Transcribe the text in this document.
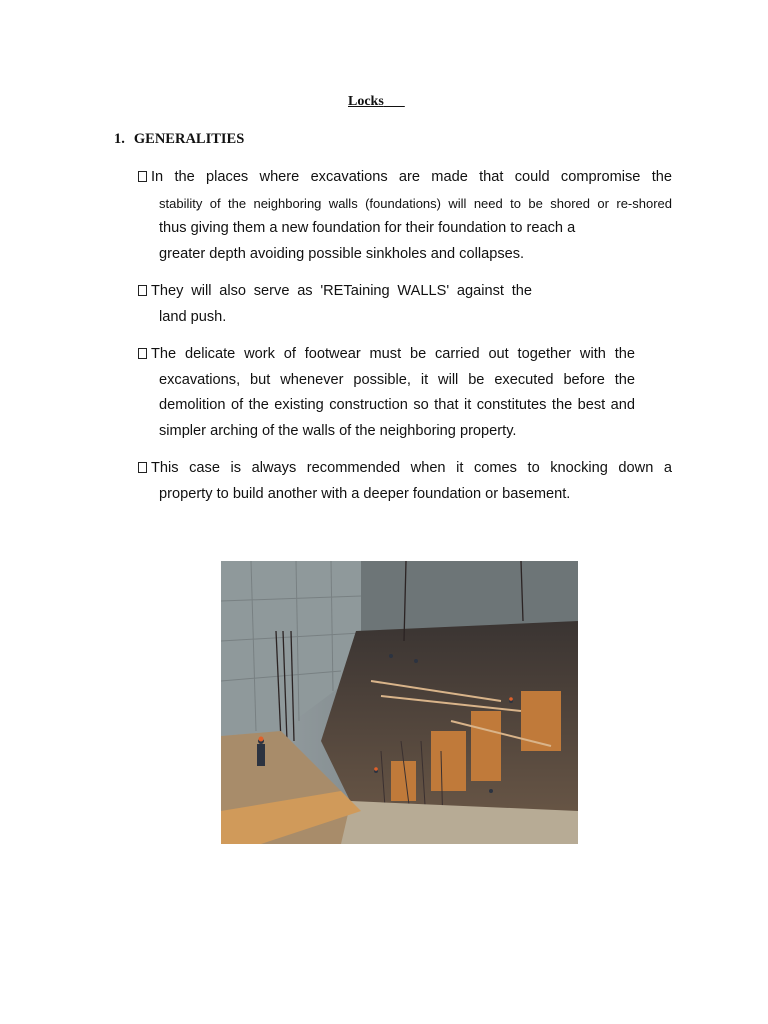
Locks
1. GENERALITIES
In the places where excavations are made that could compromise the
stability of the neighboring walls (foundations) will need to be shored or re-shored
thus giving them a new foundation for their foundation to reach a
greater depth avoiding possible sinkholes and collapses.
They will also serve as 'RETaining WALLS' against the
land push.
The delicate work of footwear must be carried out together with the
excavations, but whenever possible, it will be executed before the
demolition of the existing construction so that it constitutes the best and
simpler arching of the walls of the neighboring property.
This case is always recommended when it comes to knocking down a
property to build another with a deeper foundation or basement.
